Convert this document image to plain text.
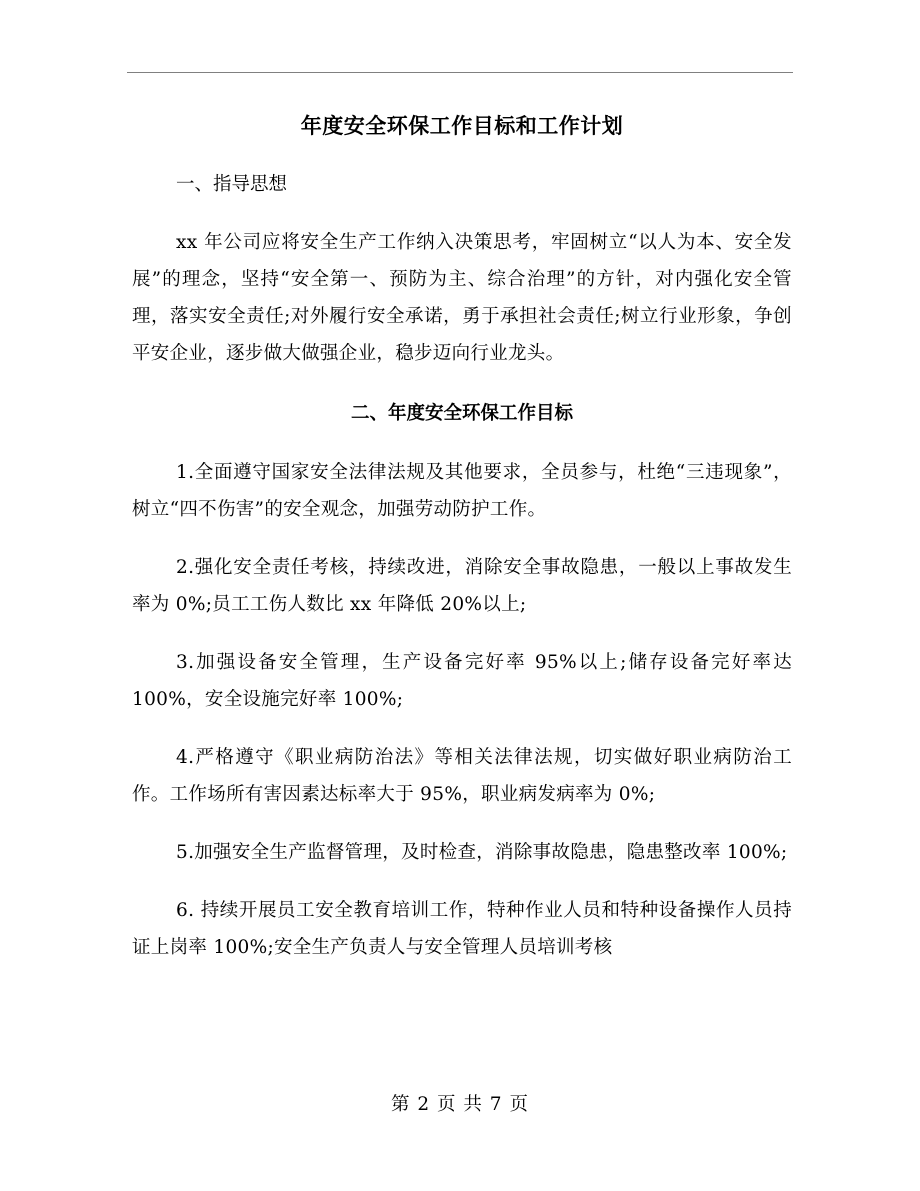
年度安全环保工作目标和工作计划
一、指导思想

xx 年公司应将安全生产工作纳入决策思考，牢固树立“以人为本、安全发展”的理念，坚持“安全第一、预防为主、综合治理”的方针，对内强化安全管理，落实安全责任;对外履行安全承诺，勇于承担社会责任;树立行业形象，争创平安企业，逐步做大做强企业，稳步迈向行业龙头。

二、年度安全环保工作目标

1.全面遵守国家安全法律法规及其他要求，全员参与，杜绝“三违现象”，树立“四不伤害”的安全观念，加强劳动防护工作。

2.强化安全责任考核，持续改进，消除安全事故隐患，一般以上事故发生率为 0%;员工工伤人数比 xx 年降低 20%以上;

3.加强设备安全管理，生产设备完好率 95%以上;储存设备完好率达 100%，安全设施完好率 100%;

4.严格遵守《职业病防治法》等相关法律法规，切实做好职业病防治工作。工作场所有害因素达标率大于 95%，职业病发病率为 0%;

5.加强安全生产监督管理，及时检查，消除事故隐患，隐患整改率 100%;

6. 持续开展员工安全教育培训工作，特种作业人员和特种设备操作人员持证上岗率 100%;安全生产负责人与安全管理人员培训考核

第 2 页 共 7 页
